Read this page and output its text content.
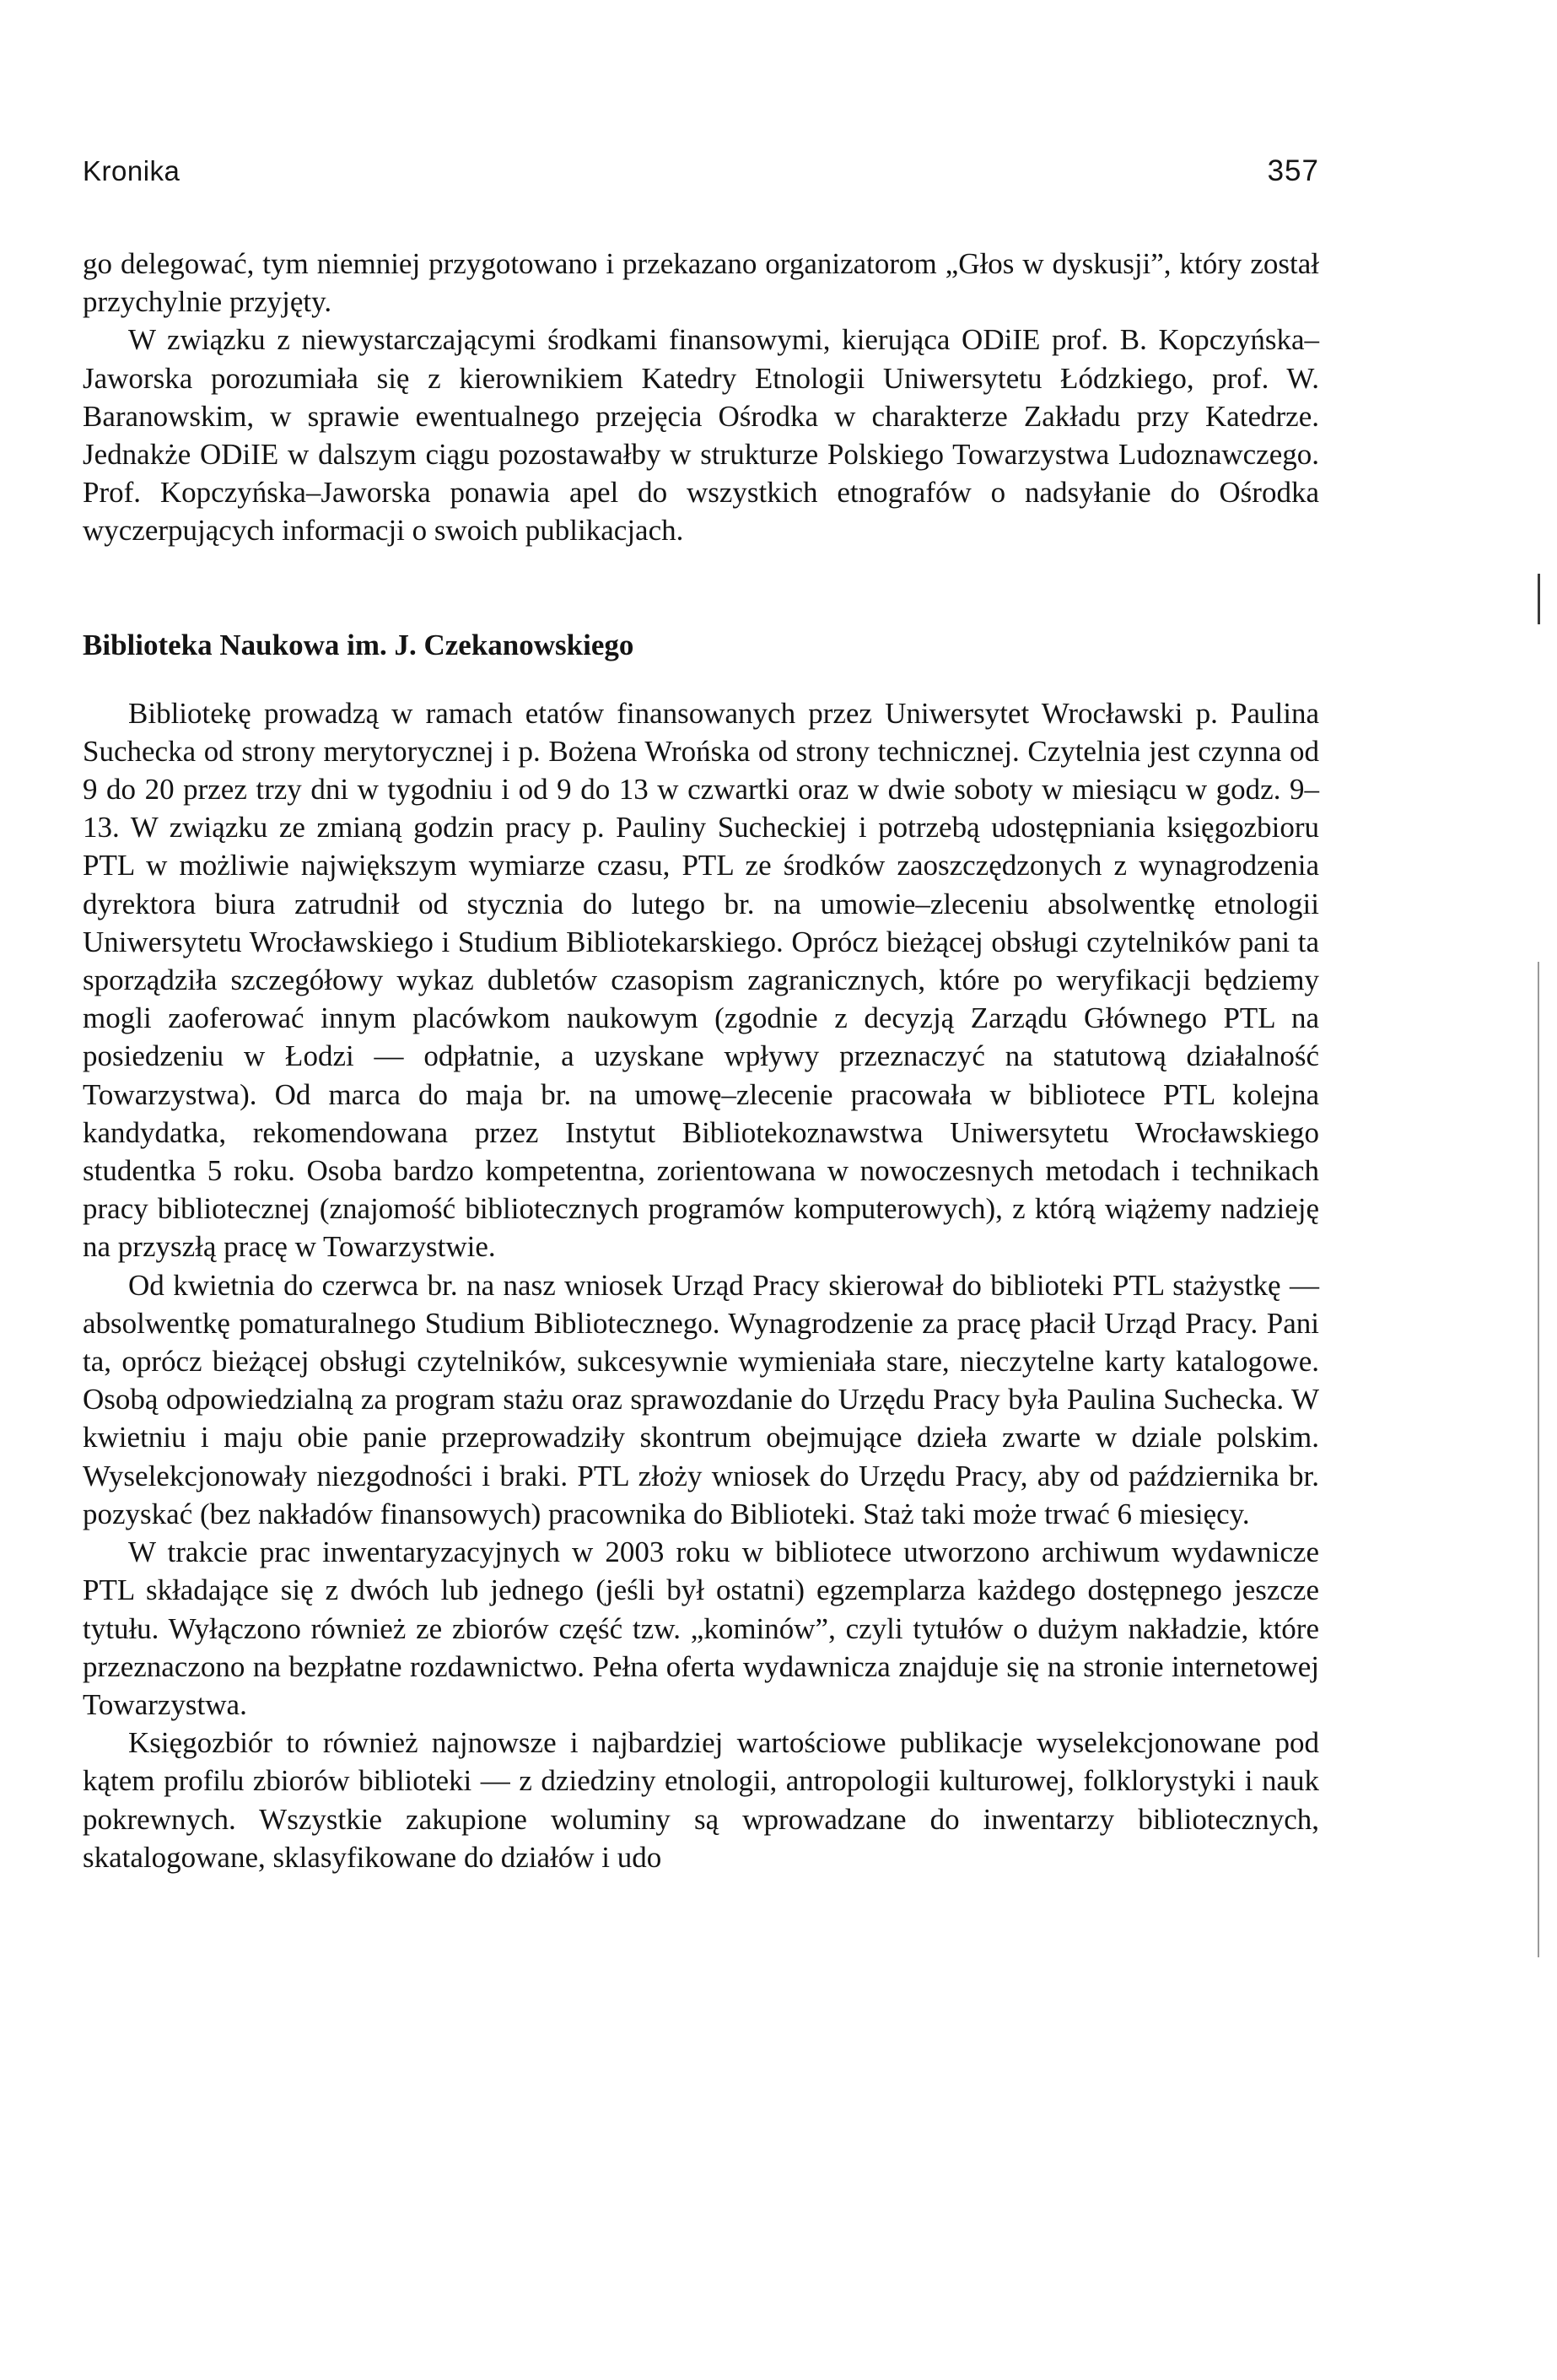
Kronika	357

go delegować, tym niemniej przygotowano i przekazano organizatorom „Głos w dyskusji”, który został przychylnie przyjęty.

W związku z niewystarczającymi środkami finansowymi, kierująca ODiIE prof. B. Kopczyńska–Jaworska porozumiała się z kierownikiem Katedry Etnologii Uniwersytetu Łódzkiego, prof. W. Baranowskim, w sprawie ewentualnego przejęcia Ośrodka w charakterze Zakładu przy Katedrze. Jednakże ODiIE w dalszym ciągu pozostawałby w strukturze Polskiego Towarzystwa Ludoznawczego. Prof. Kopczyńska–Jaworska ponawia apel do wszystkich etnografów o nadsyłanie do Ośrodka wyczerpujących informacji o swoich publikacjach.

Biblioteka Naukowa im. J. Czekanowskiego

Bibliotekę prowadzą w ramach etatów finansowanych przez Uniwersytet Wrocławski p. Paulina Suchecka od strony merytorycznej i p. Bożena Wrońska od strony technicznej. Czytelnia jest czynna od 9 do 20 przez trzy dni w tygodniu i od 9 do 13 w czwartki oraz w dwie soboty w miesiącu w godz. 9–13. W związku ze zmianą godzin pracy p. Pauliny Sucheckiej i potrzebą udostępniania księgozbioru PTL w możliwie największym wymiarze czasu, PTL ze środków zaoszczędzonych z wynagrodzenia dyrektora biura zatrudnił od stycznia do lutego br. na umowie–zleceniu absolwentkę etnologii Uniwersytetu Wrocławskiego i Studium Bibliotekarskiego. Oprócz bieżącej obsługi czytelników pani ta sporządziła szczegółowy wykaz dubletów czasopism zagranicznych, które po weryfikacji będziemy mogli zaoferować innym placówkom naukowym (zgodnie z decyzją Zarządu Głównego PTL na posiedzeniu w Łodzi — odpłatnie, a uzyskane wpływy przeznaczyć na statutową działalność Towarzystwa). Od marca do maja br. na umowę–zlecenie pracowała w bibliotece PTL kolejna kandydatka, rekomendowana przez Instytut Bibliotekoznawstwa Uniwersytetu Wrocławskiego studentka 5 roku. Osoba bardzo kompetentna, zorientowana w nowoczesnych metodach i technikach pracy bibliotecznej (znajomość bibliotecznych programów komputerowych), z którą wiążemy nadzieję na przyszłą pracę w Towarzystwie.

Od kwietnia do czerwca br. na nasz wniosek Urząd Pracy skierował do biblioteki PTL stażystkę — absolwentkę pomaturalnego Studium Bibliotecznego. Wynagrodzenie za pracę płacił Urząd Pracy. Pani ta, oprócz bieżącej obsługi czytelników, sukcesywnie wymieniała stare, nieczytelne karty katalogowe. Osobą odpowiedzialną za program stażu oraz sprawozdanie do Urzędu Pracy była Paulina Suchecka. W kwietniu i maju obie panie przeprowadziły skontrum obejmujące dzieła zwarte w dziale polskim. Wyselekcjonowały niezgodności i braki. PTL złoży wniosek do Urzędu Pracy, aby od października br. pozyskać (bez nakładów finansowych) pracownika do Biblioteki. Staż taki może trwać 6 miesięcy.

W trakcie prac inwentaryzacyjnych w 2003 roku w bibliotece utworzono archiwum wydawnicze PTL składające się z dwóch lub jednego (jeśli był ostatni) egzemplarza każdego dostępnego jeszcze tytułu. Wyłączono również ze zbiorów część tzw. „kominów”, czyli tytułów o dużym nakładzie, które przeznaczono na bezpłatne rozdawnictwo. Pełna oferta wydawnicza znajduje się na stronie internetowej Towarzystwa.

Księgozbiór to również najnowsze i najbardziej wartościowe publikacje wyselekcjonowane pod kątem profilu zbiorów biblioteki — z dziedziny etnologii, antropologii kulturowej, folklorystyki i nauk pokrewnych. Wszystkie zakupione woluminy są wprowadzane do inwentarzy bibliotecznych, skatalogowane, sklasyfikowane do działów i udo
